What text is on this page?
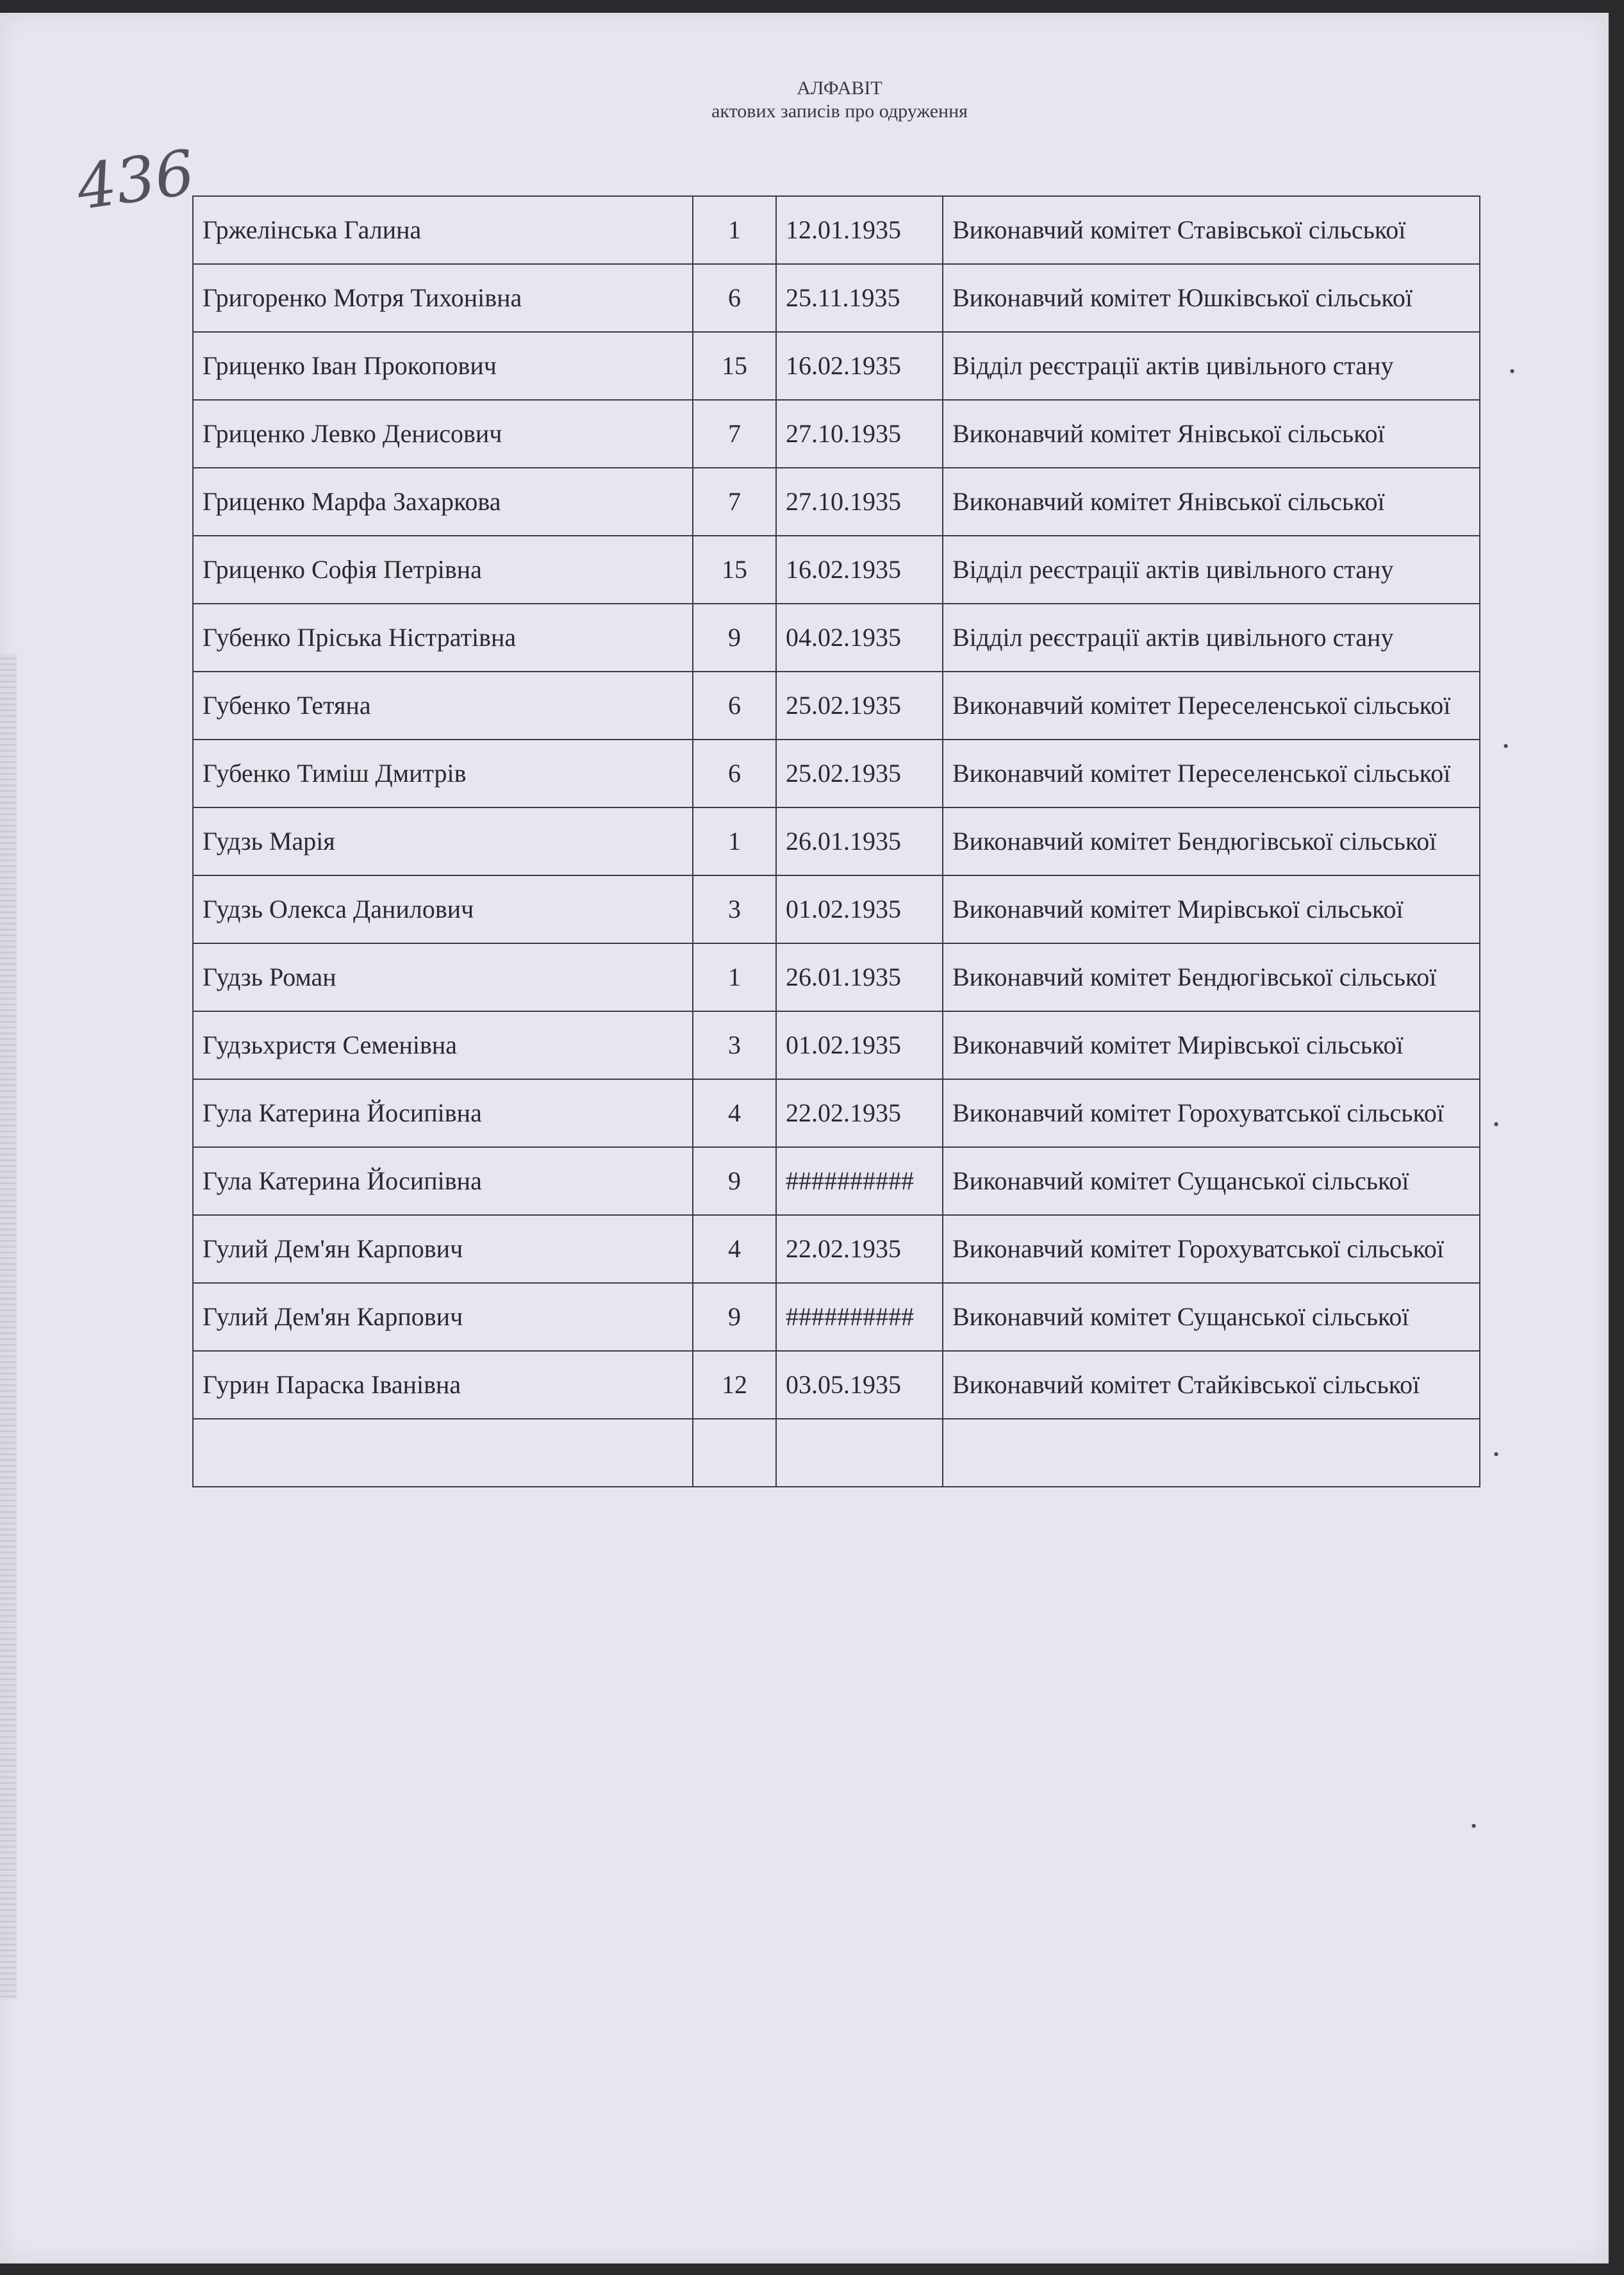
436
АЛФАВІТ
актових записів про одруження
Гржелінська Галина	1	12.01.1935	Виконавчий комітет Ставівської сільської
Григоренко Мотря Тихонівна	6	25.11.1935	Виконавчий комітет Юшківської сільської
Гриценко Іван Прокопович	15	16.02.1935	Відділ реєстрації актів цивільного стану
Гриценко Левко Денисович	7	27.10.1935	Виконавчий комітет Янівської сільської
Гриценко Марфа Захаркова	7	27.10.1935	Виконавчий комітет Янівської сільської
Гриценко Софія Петрівна	15	16.02.1935	Відділ реєстрації актів цивільного стану
Губенко Пріська Ністратівна	9	04.02.1935	Відділ реєстрації актів цивільного стану
Губенко Тетяна	6	25.02.1935	Виконавчий комітет Переселенської сільської
Губенко Тиміш Дмитрів	6	25.02.1935	Виконавчий комітет Переселенської сільської
Гудзь Марія	1	26.01.1935	Виконавчий комітет Бендюгівської сільської
Гудзь Олекса Данилович	3	01.02.1935	Виконавчий комітет Мирівської сільської
Гудзь Роман	1	26.01.1935	Виконавчий комітет Бендюгівської сільської
Гудзьхристя Семенівна	3	01.02.1935	Виконавчий комітет Мирівської сільської
Гула Катерина Йосипівна	4	22.02.1935	Виконавчий комітет Горохуватської сільської
Гула Катерина Йосипівна	9	##########	Виконавчий комітет Сущанської сільської
Гулий Дем'ян Карпович	4	22.02.1935	Виконавчий комітет Горохуватської сільської
Гулий Дем'ян Карпович	9	##########	Виконавчий комітет Сущанської сільської
Гурин Параска Іванівна	12	03.05.1935	Виконавчий комітет Стайківської сільської

•
•
•
•
•
